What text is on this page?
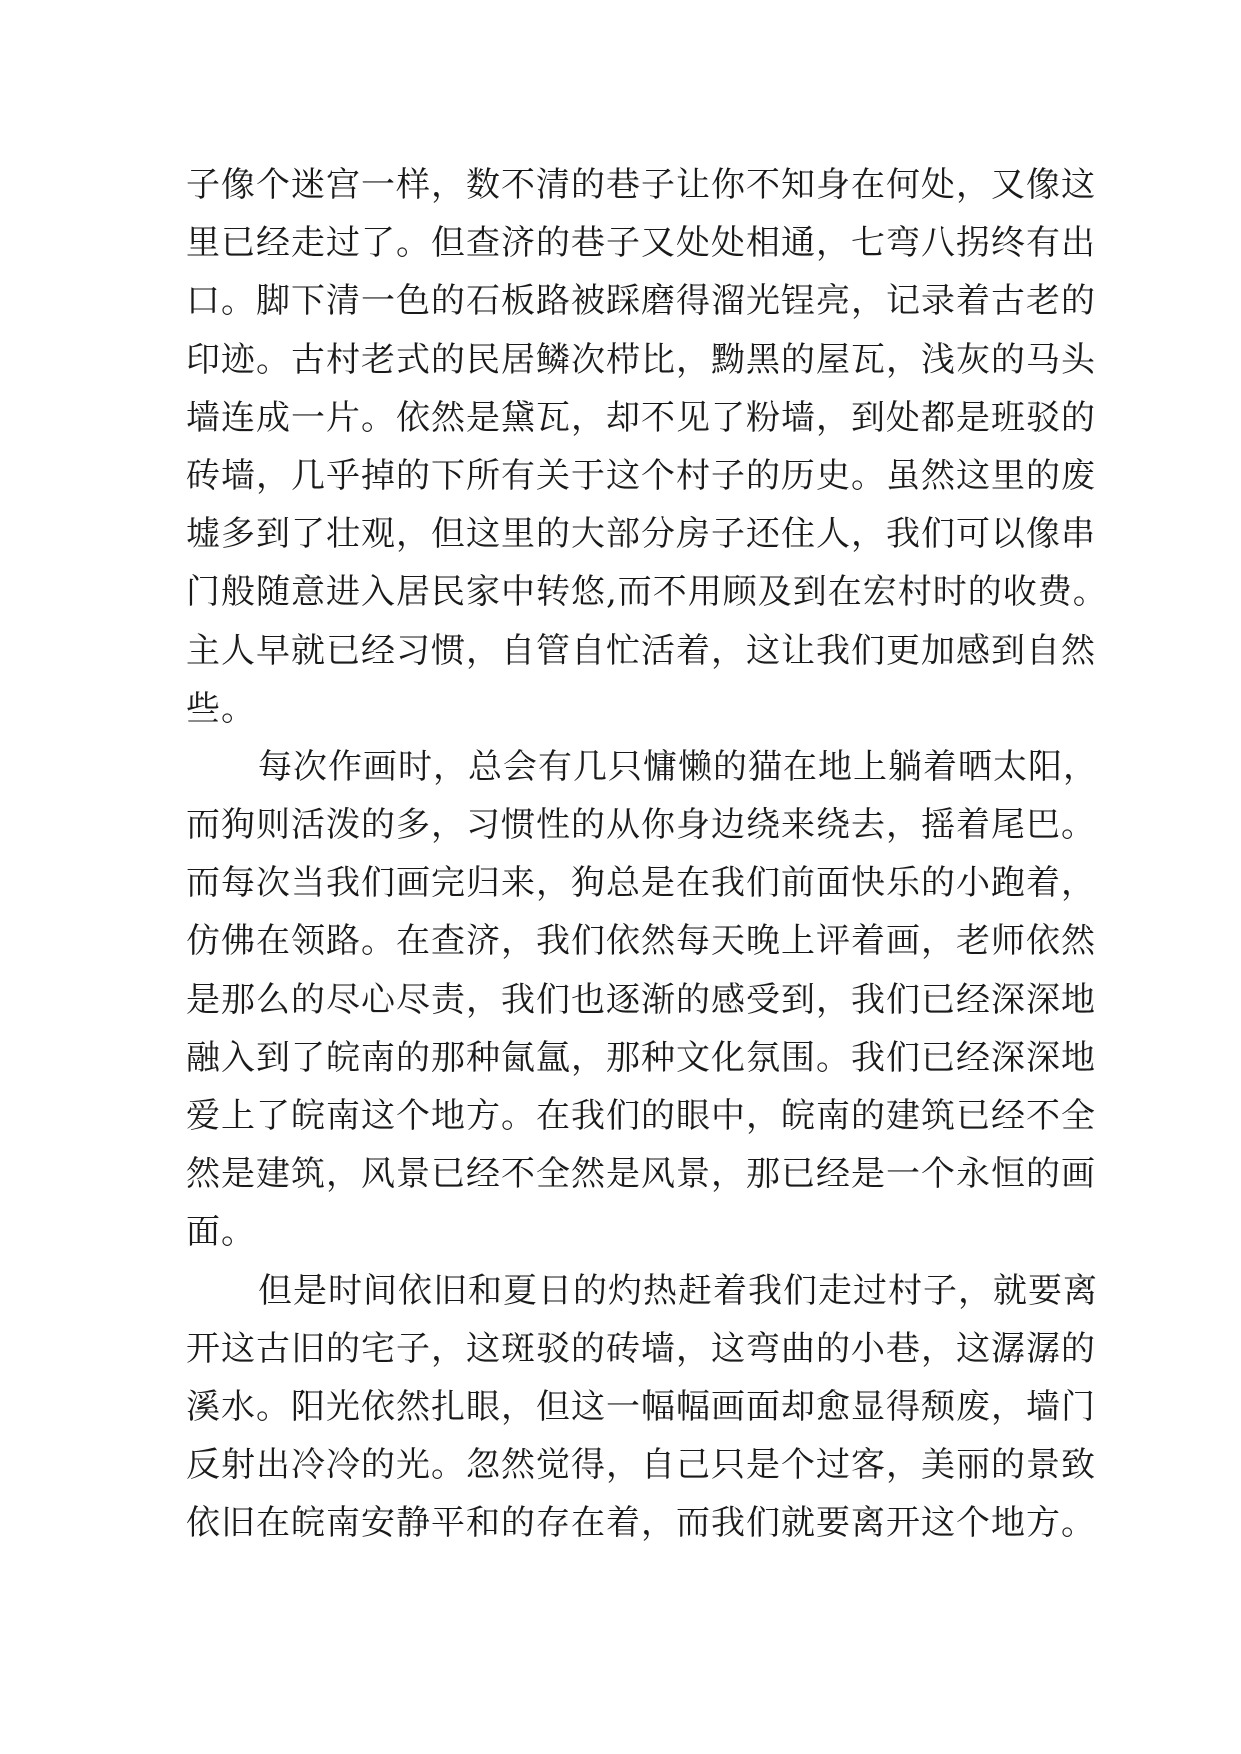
子像个迷宫一样，数不清的巷子让你不知身在何处，又像这
里已经走过了。但查济的巷子又处处相通，七弯八拐终有出
口。脚下清一色的石板路被踩磨得溜光锃亮，记录着古老的
印迹。古村老式的民居鳞次栉比，黝黑的屋瓦，浅灰的马头
墙连成一片。依然是黛瓦，却不见了粉墙，到处都是班驳的
砖墙，几乎掉的下所有关于这个村子的历史。虽然这里的废
墟多到了壮观，但这里的大部分房子还住人，我们可以像串
门般随意进入居民家中转悠,而不用顾及到在宏村时的收费。
主人早就已经习惯，自管自忙活着，这让我们更加感到自然
些。
每次作画时，总会有几只慵懒的猫在地上躺着晒太阳，
而狗则活泼的多，习惯性的从你身边绕来绕去，摇着尾巴。
而每次当我们画完归来，狗总是在我们前面快乐的小跑着，
仿佛在领路。在查济，我们依然每天晚上评着画，老师依然
是那么的尽心尽责，我们也逐渐的感受到，我们已经深深地
融入到了皖南的那种氤氲，那种文化氛围。我们已经深深地
爱上了皖南这个地方。在我们的眼中，皖南的建筑已经不全
然是建筑，风景已经不全然是风景，那已经是一个永恒的画
面。
但是时间依旧和夏日的灼热赶着我们走过村子，就要离
开这古旧的宅子，这斑驳的砖墙，这弯曲的小巷，这潺潺的
溪水。阳光依然扎眼，但这一幅幅画面却愈显得颓废，墙门
反射出冷冷的光。忽然觉得，自己只是个过客，美丽的景致
依旧在皖南安静平和的存在着，而我们就要离开这个地方。
